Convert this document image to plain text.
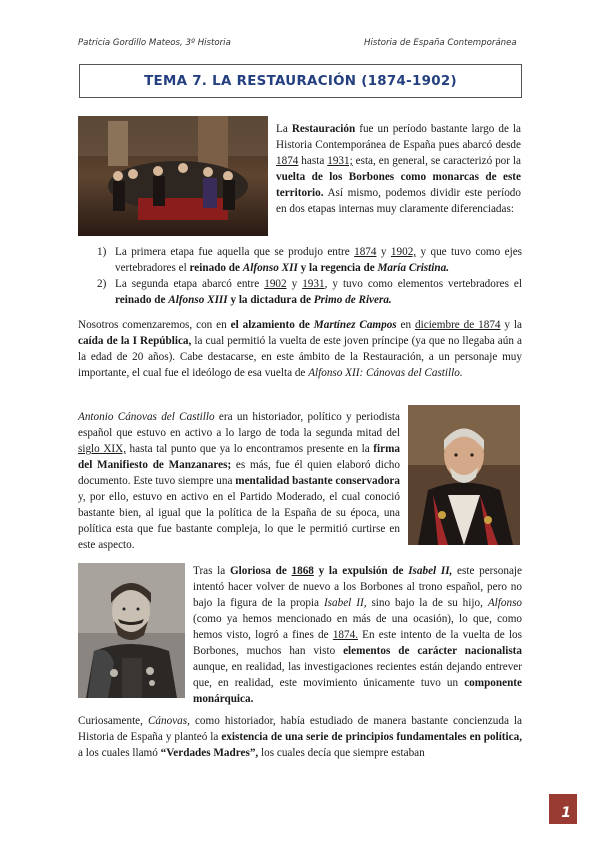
Patricia Gordillo Mateos, 3º Historia	Historia de España Contemporánea
TEMA 7. LA RESTAURACIÓN (1874-1902)

La Restauración fue un período bastante largo de la Historia Contemporánea de España pues abarcó desde 1874 hasta 1931; esta, en general, se caracterizó por la vuelta de los Borbones como monarcas de este territorio. Así mismo, podemos dividir este período en dos etapas internas muy claramente diferenciadas:

1) La primera etapa fue aquella que se produjo entre 1874 y 1902, y que tuvo como ejes vertebradores el reinado de Alfonso XII y la regencia de María Cristina.
2) La segunda etapa abarcó entre 1902 y 1931, y tuvo como elementos vertebradores el reinado de Alfonso XIII y la dictadura de Primo de Rivera.

Nosotros comenzaremos, con en el alzamiento de Martínez Campos en diciembre de 1874 y la caída de la I República, la cual permitió la vuelta de este joven príncipe (ya que no llegaba aún a la edad de 20 años). Cabe destacarse, en este ámbito de la Restauración, a un personaje muy importante, el cual fue el ideólogo de esa vuelta de Alfonso XII: Cánovas del Castillo.

Antonio Cánovas del Castillo era un historiador, político y periodista español que estuvo en activo a lo largo de toda la segunda mitad del siglo XIX, hasta tal punto que ya lo encontramos presente en la firma del Manifiesto de Manzanares; es más, fue él quien elaboró dicho documento. Este tuvo siempre una mentalidad bastante conservadora y, por ello, estuvo en activo en el Partido Moderado, el cual conoció bastante bien, al igual que la política de la España de su época, una política esta que fue bastante compleja, lo que le permitió curtirse en este aspecto.

Tras la Gloriosa de 1868 y la expulsión de Isabel II, este personaje intentó hacer volver de nuevo a los Borbones al trono español, pero no bajo la figura de la propia Isabel II, sino bajo la de su hijo, Alfonso (como ya hemos mencionado en más de una ocasión), lo que, como hemos visto, logró a fines de 1874. En este intento de la vuelta de los Borbones, muchos han visto elementos de carácter nacionalista aunque, en realidad, las investigaciones recientes están dejando entrever que, en realidad, este movimiento únicamente tuvo un componente monárquica.

Curiosamente, Cánovas, como historiador, había estudiado de manera bastante concienzuda la Historia de España y planteó la existencia de una serie de principios fundamentales en política, a los cuales llamó “Verdades Madres”, los cuales decía que siempre estaban

1
